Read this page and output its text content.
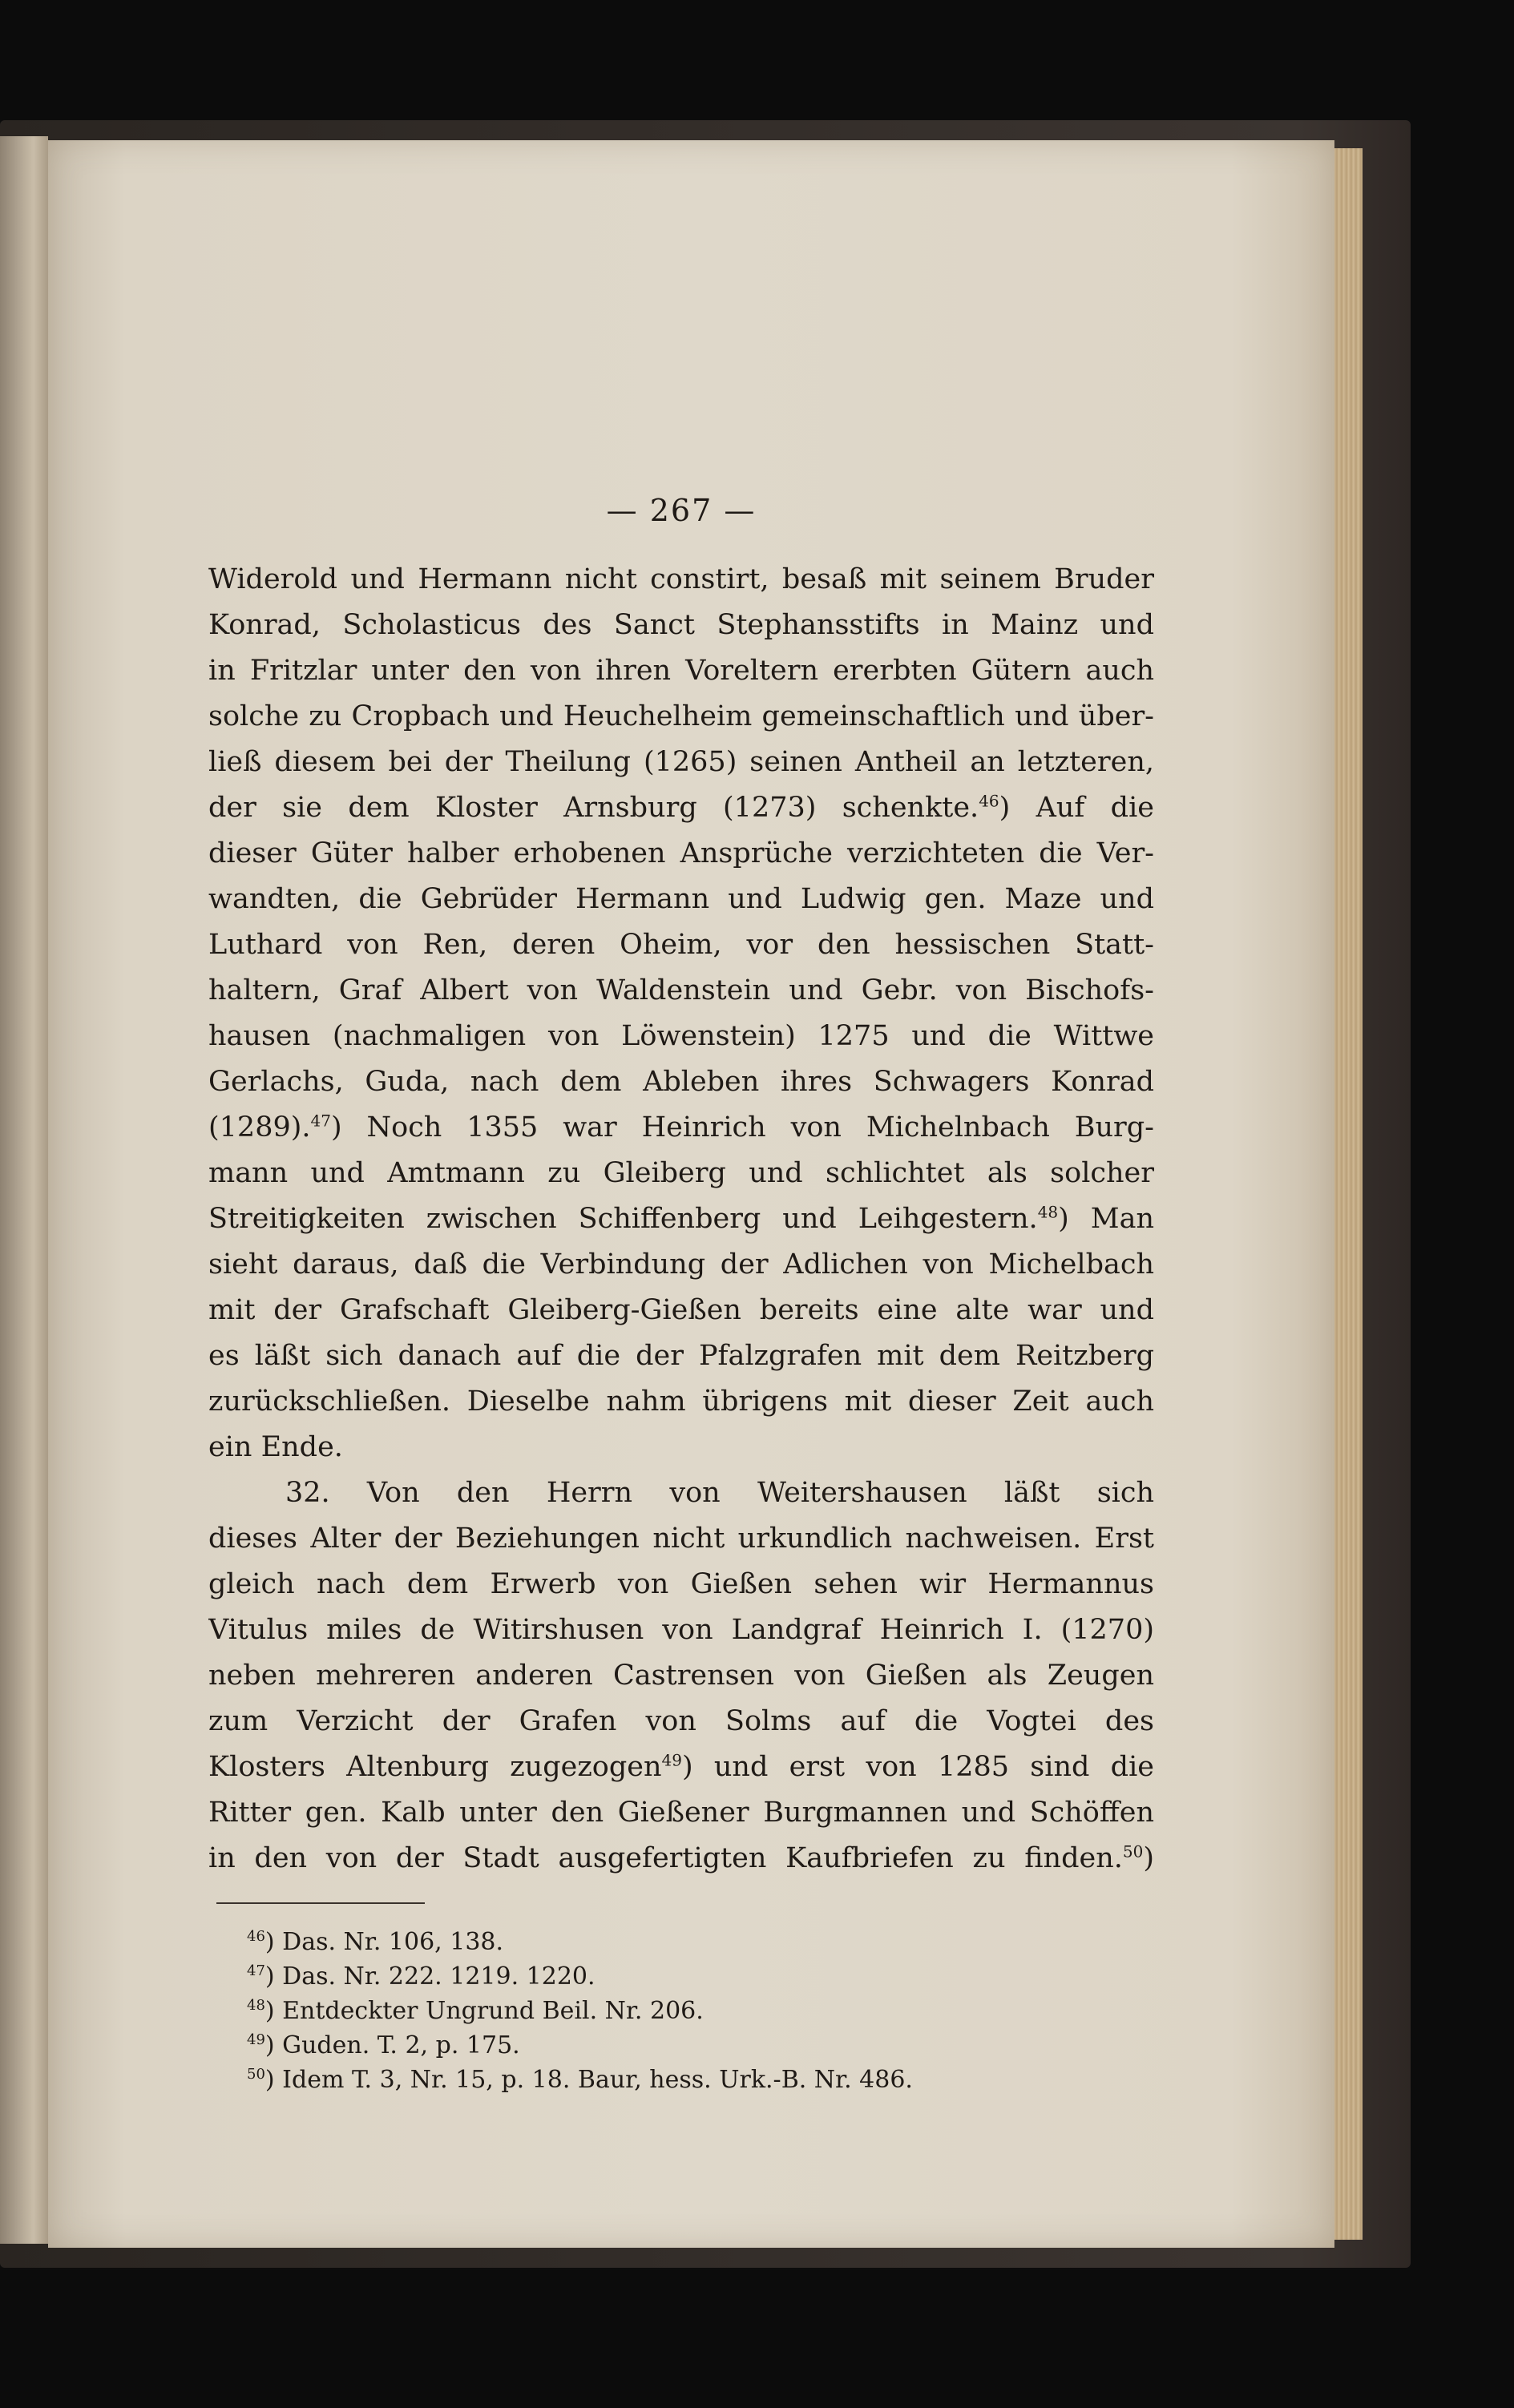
— 267 —
Widerold und Hermann nicht constirt, besaß mit seinem Bruder
Konrad, Scholasticus des Sanct Stephansstifts in Mainz und
in Fritzlar unter den von ihren Voreltern ererbten Gütern auch
solche zu Cropbach und Heuchelheim gemeinschaftlich und über-
ließ diesem bei der Theilung (1265) seinen Antheil an letzteren,
der sie dem Kloster Arnsburg (1273) schenkte.$^{46}$) Auf die
dieser Güter halber erhobenen Ansprüche verzichteten die Ver-
wandten, die Gebrüder Hermann und Ludwig gen. Maze und
Luthard von Ren, deren Oheim, vor den hessischen Statt-
haltern, Graf Albert von Waldenstein und Gebr. von Bischofs-
hausen (nachmaligen von Löwenstein) 1275 und die Wittwe
Gerlachs, Guda, nach dem Ableben ihres Schwagers Konrad
(1289).$^{47}$) Noch 1355 war Heinrich von Michelnbach Burg-
mann und Amtmann zu Gleiberg und schlichtet als solcher
Streitigkeiten zwischen Schiffenberg und Leihgestern.$^{48}$) Man
sieht daraus, daß die Verbindung der Adlichen von Michelbach
mit der Grafschaft Gleiberg-Gießen bereits eine alte war und
es läßt sich danach auf die der Pfalzgrafen mit dem Reitzberg
zurückschließen. Dieselbe nahm übrigens mit dieser Zeit auch
ein Ende.
32. Von den Herrn von Weitershausen läßt sich
dieses Alter der Beziehungen nicht urkundlich nachweisen. Erst
gleich nach dem Erwerb von Gießen sehen wir Hermannus
Vitulus miles de Witirshusen von Landgraf Heinrich I. (1270)
neben mehreren anderen Castrensen von Gießen als Zeugen
zum Verzicht der Grafen von Solms auf die Vogtei des
Klosters Altenburg zugezogen$^{49}$) und erst von 1285 sind die
Ritter gen. Kalb unter den Gießener Burgmannen und Schöffen
in den von der Stadt ausgefertigten Kaufbriefen zu finden.$^{50}$)
$^{46}$) Das. Nr. 106, 138.
$^{47}$) Das. Nr. 222. 1219. 1220.
$^{48}$) Entdeckter Ungrund Beil. Nr. 206.
$^{49}$) Guden. T. 2, p. 175.
$^{50}$) Idem T. 3, Nr. 15, p. 18. Baur, hess. Urk.-B. Nr. 486.
